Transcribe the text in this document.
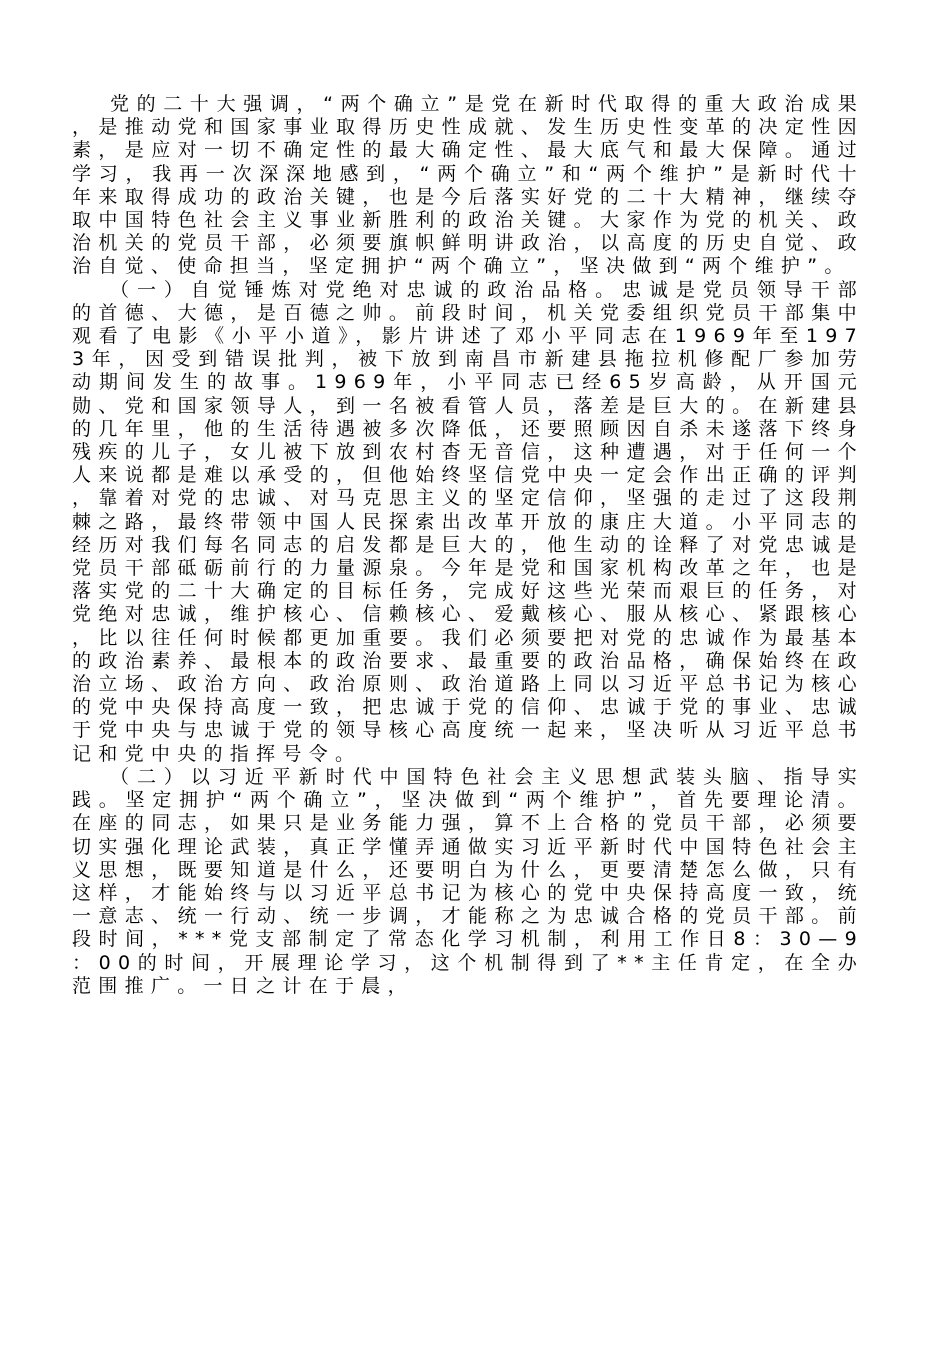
党的二十大强调，“两个确立”是党在新时代取得的重大政治成果，是推动党和国家事业取得历史性成就、发生历史性变革的决定性因素，是应对一切不确定性的最大确定性、最大底气和最大保障。通过学习，我再一次深深地感到，“两个确立”和“两个维护”是新时代十年来取得成功的政治关键，也是今后落实好党的二十大精神，继续夺取中国特色社会主义事业新胜利的政治关键。大家作为党的机关、政治机关的党员干部，必须要旗帜鲜明讲政治，以高度的历史自觉、政治自觉、使命担当，坚定拥护“两个确立”，坚决做到“两个维护”。

（一）自觉锤炼对党绝对忠诚的政治品格。忠诚是党员领导干部的首德、大德，是百德之帅。前段时间，机关党委组织党员干部集中观看了电影《小平小道》，影片讲述了邓小平同志在1969年至1973年，因受到错误批判，被下放到南昌市新建县拖拉机修配厂参加劳动期间发生的故事。1969年，小平同志已经65岁高龄，从开国元勋、党和国家领导人，到一名被看管人员，落差是巨大的。在新建县的几年里，他的生活待遇被多次降低，还要照顾因自杀未遂落下终身残疾的儿子，女儿被下放到农村杳无音信，这种遭遇，对于任何一个人来说都是难以承受的，但他始终坚信党中央一定会作出正确的评判，靠着对党的忠诚、对马克思主义的坚定信仰，坚强的走过了这段荆棘之路，最终带领中国人民探索出改革开放的康庄大道。小平同志的经历对我们每名同志的启发都是巨大的，他生动的诠释了对党忠诚是党员干部砥砺前行的力量源泉。今年是党和国家机构改革之年，也是落实党的二十大确定的目标任务，完成好这些光荣而艰巨的任务，对党绝对忠诚，维护核心、信赖核心、爱戴核心、服从核心、紧跟核心，比以往任何时候都更加重要。我们必须要把对党的忠诚作为最基本的政治素养、最根本的政治要求、最重要的政治品格，确保始终在政治立场、政治方向、政治原则、政治道路上同以习近平总书记为核心的党中央保持高度一致，把忠诚于党的信仰、忠诚于党的事业、忠诚于党中央与忠诚于党的领导核心高度统一起来，坚决听从习近平总书记和党中央的指挥号令。

（二）以习近平新时代中国特色社会主义思想武装头脑、指导实践。坚定拥护“两个确立”，坚决做到“两个维护”，首先要理论清。在座的同志，如果只是业务能力强，算不上合格的党员干部，必须要切实强化理论武装，真正学懂弄通做实习近平新时代中国特色社会主义思想，既要知道是什么，还要明白为什么，更要清楚怎么做，只有这样，才能始终与以习近平总书记为核心的党中央保持高度一致，统一意志、统一行动、统一步调，才能称之为忠诚合格的党员干部。前段时间，***党支部制定了常态化学习机制，利用工作日8：30—9：00的时间，开展理论学习，这个机制得到了**主任肯定，在全办范围推广。一日之计在于晨，
